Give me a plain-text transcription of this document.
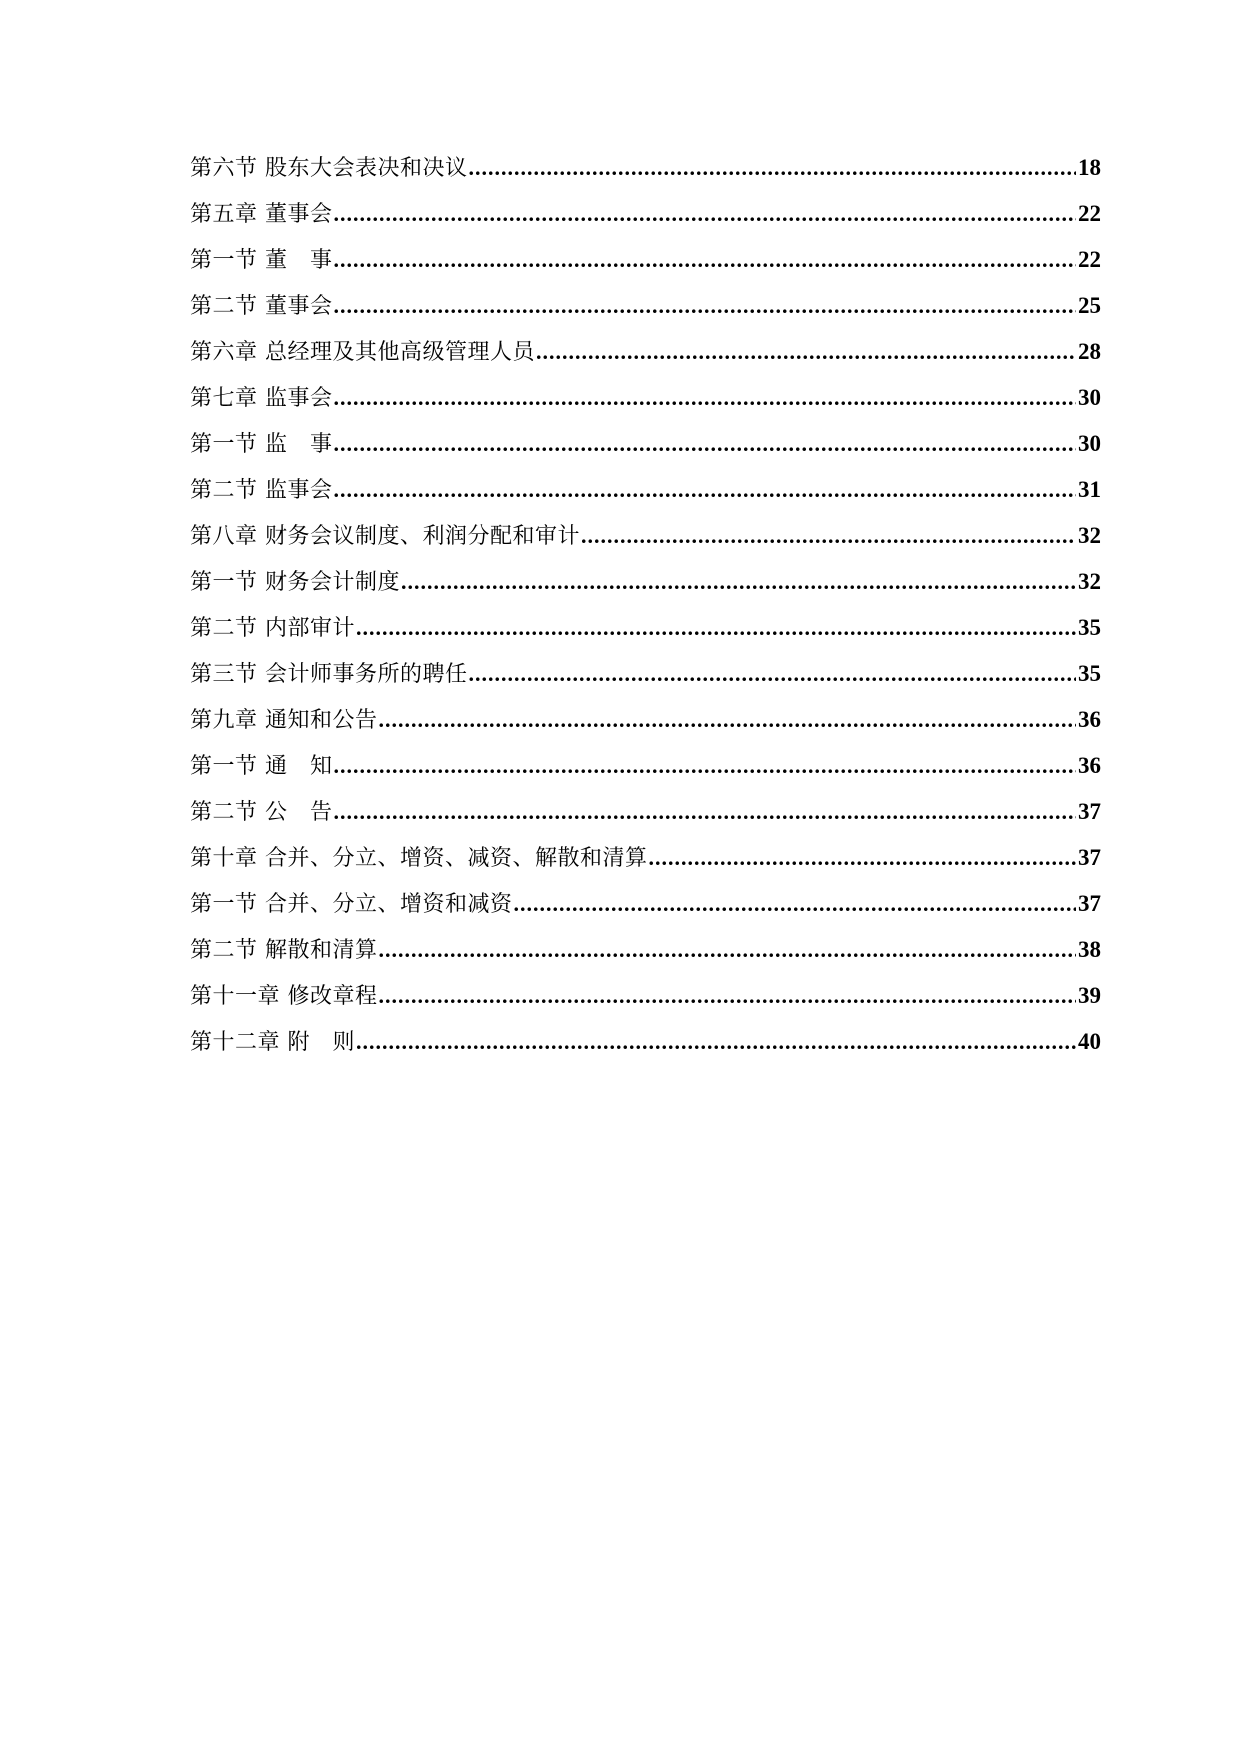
第六节 股东大会表决和决议 .....	18
第五章 董事会 .....	22
第一节 董　事 .....	22
第二节 董事会 .....	25
第六章 总经理及其他高级管理人员 .....	28
第七章 监事会 .....	30
第一节 监　事 .....	30
第二节 监事会 .....	31
第八章 财务会议制度、利润分配和审计 .....	32
第一节 财务会计制度 .....	32
第二节 内部审计 .....	35
第三节 会计师事务所的聘任 .....	35
第九章 通知和公告 .....	36
第一节 通　知 .....	36
第二节 公　告 .....	37
第十章 合并、分立、增资、减资、解散和清算 .....	37
第一节 合并、分立、增资和减资 .....	37
第二节 解散和清算 .....	38
第十一章 修改章程 .....	39
第十二章 附　则 .....	40
